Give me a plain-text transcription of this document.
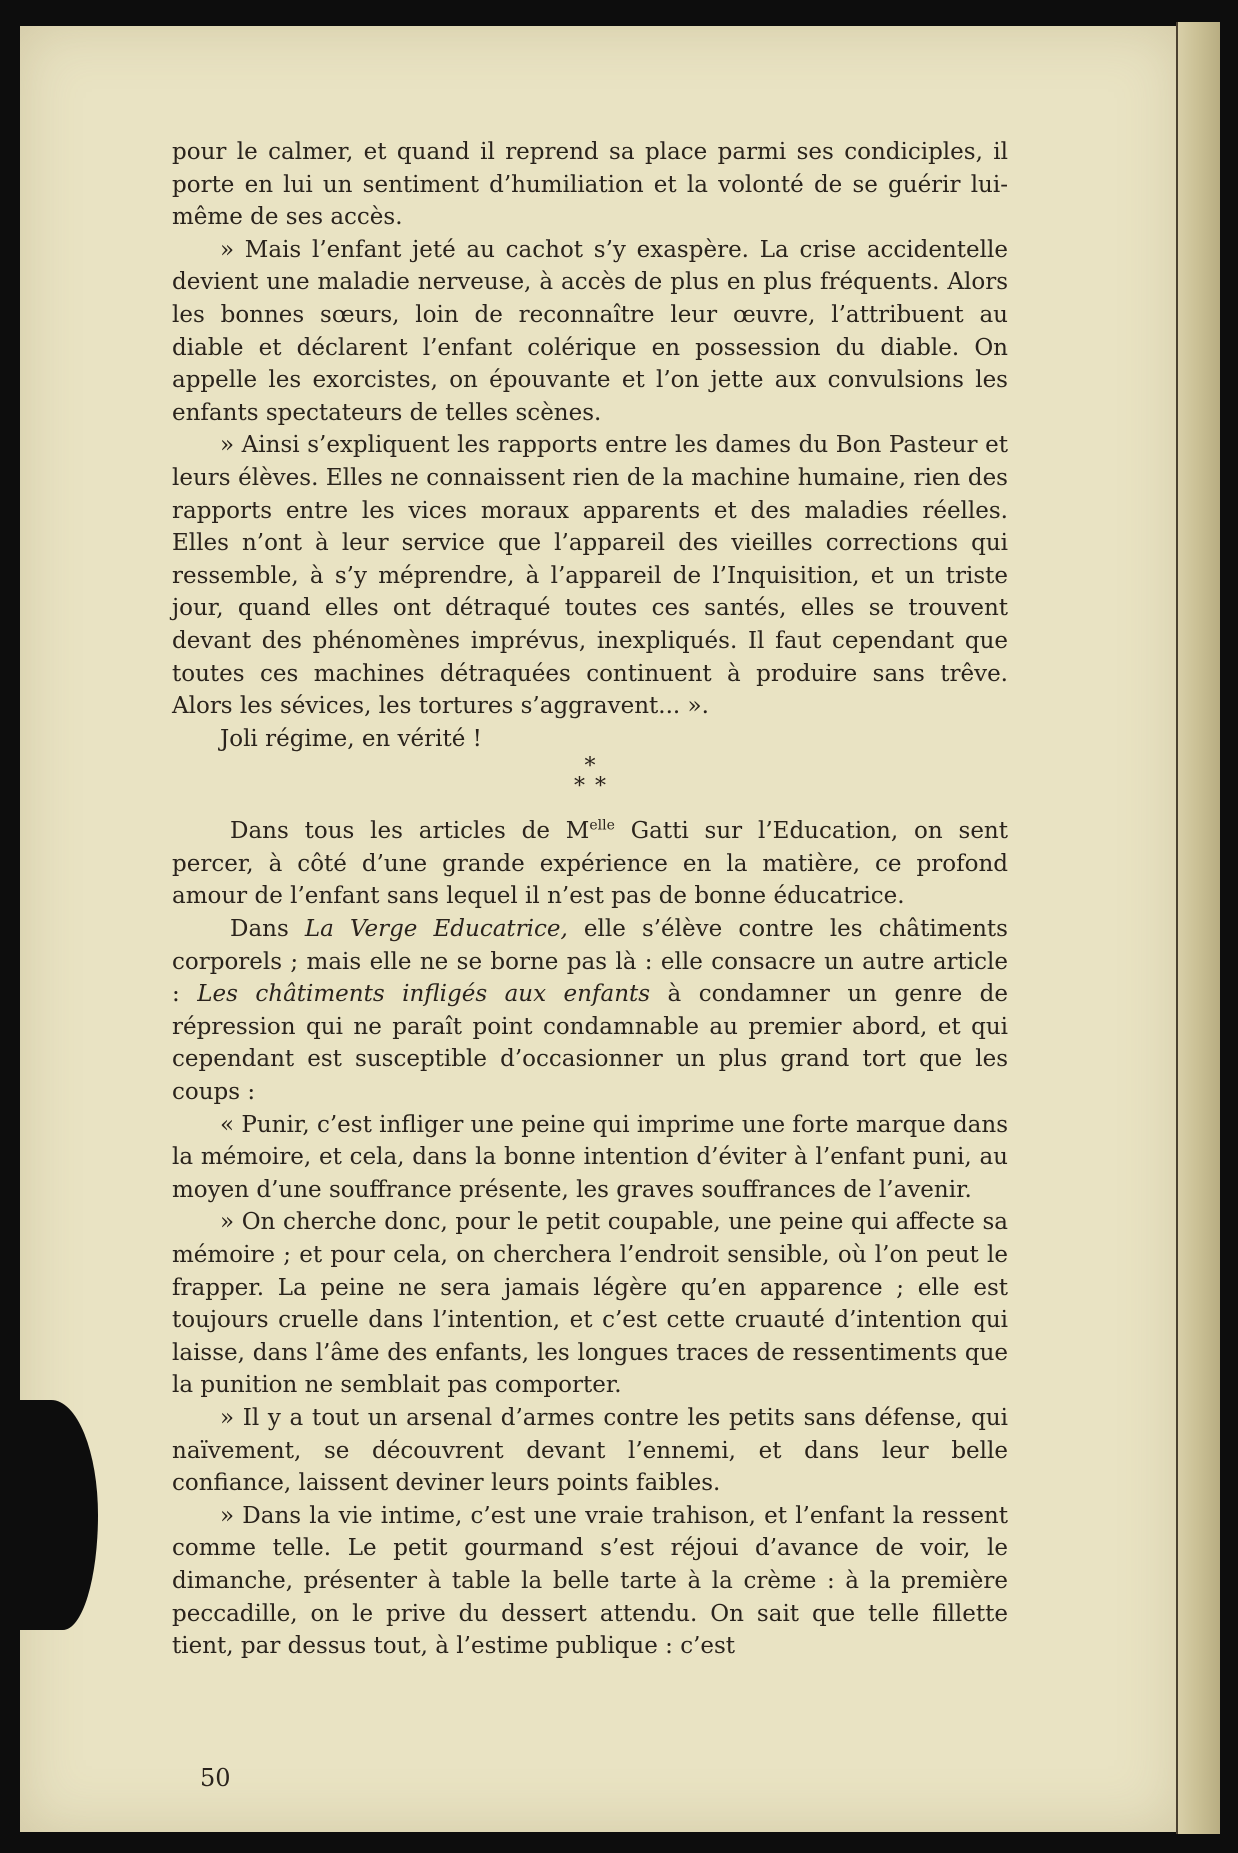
pour le calmer, et quand il reprend sa place parmi ses condiciples, il porte en lui un sentiment d’humiliation et la volonté de se guérir lui-même de ses accès.

» Mais l’enfant jeté au cachot s’y exaspère. La crise accidentelle devient une maladie nerveuse, à accès de plus en plus fréquents. Alors les bonnes sœurs, loin de reconnaître leur œuvre, l’attribuent au diable et déclarent l’enfant colérique en possession du diable. On appelle les exorcistes, on épouvante et l’on jette aux convulsions les enfants spectateurs de telles scènes.

» Ainsi s’expliquent les rapports entre les dames du Bon Pasteur et leurs élèves. Elles ne connaissent rien de la machine humaine, rien des rapports entre les vices moraux apparents et des maladies réelles. Elles n’ont à leur service que l’appareil des vieilles corrections qui ressemble, à s’y méprendre, à l’appareil de l’Inquisition, et un triste jour, quand elles ont détraqué toutes ces santés, elles se trouvent devant des phénomènes imprévus, inexpliqués. Il faut cependant que toutes ces machines détraquées continuent à produire sans trêve. Alors les sévices, les tortures s’aggravent... ».

Joli régime, en vérité !

*
**

Dans tous les articles de $M^{elle}$ Gatti sur l’Education, on sent percer, à côté d’une grande expérience en la matière, ce profond amour de l’enfant sans lequel il n’est pas de bonne éducatrice.

Dans La Verge Educatrice, elle s’élève contre les châtiments corporels ; mais elle ne se borne pas là : elle consacre un autre article : Les châtiments infligés aux enfants à condamner un genre de répression qui ne paraît point condamnable au premier abord, et qui cependant est susceptible d’occasionner un plus grand tort que les coups :

« Punir, c’est infliger une peine qui imprime une forte marque dans la mémoire, et cela, dans la bonne intention d’éviter à l’enfant puni, au moyen d’une souffrance présente, les graves souffrances de l’avenir.

» On cherche donc, pour le petit coupable, une peine qui affecte sa mémoire ; et pour cela, on cherchera l’endroit sensible, où l’on peut le frapper. La peine ne sera jamais légère qu’en apparence ; elle est toujours cruelle dans l’intention, et c’est cette cruauté d’intention qui laisse, dans l’âme des enfants, les longues traces de ressentiments que la punition ne semblait pas comporter.

» Il y a tout un arsenal d’armes contre les petits sans défense, qui naïvement, se découvrent devant l’ennemi, et dans leur belle confiance, laissent deviner leurs points faibles.

» Dans la vie intime, c’est une vraie trahison, et l’enfant la ressent comme telle. Le petit gourmand s’est réjoui d’avance de voir, le dimanche, présenter à table la belle tarte à la crème : à la première peccadille, on le prive du dessert attendu. On sait que telle fillette tient, par dessus tout, à l’estime publique : c’est

50
